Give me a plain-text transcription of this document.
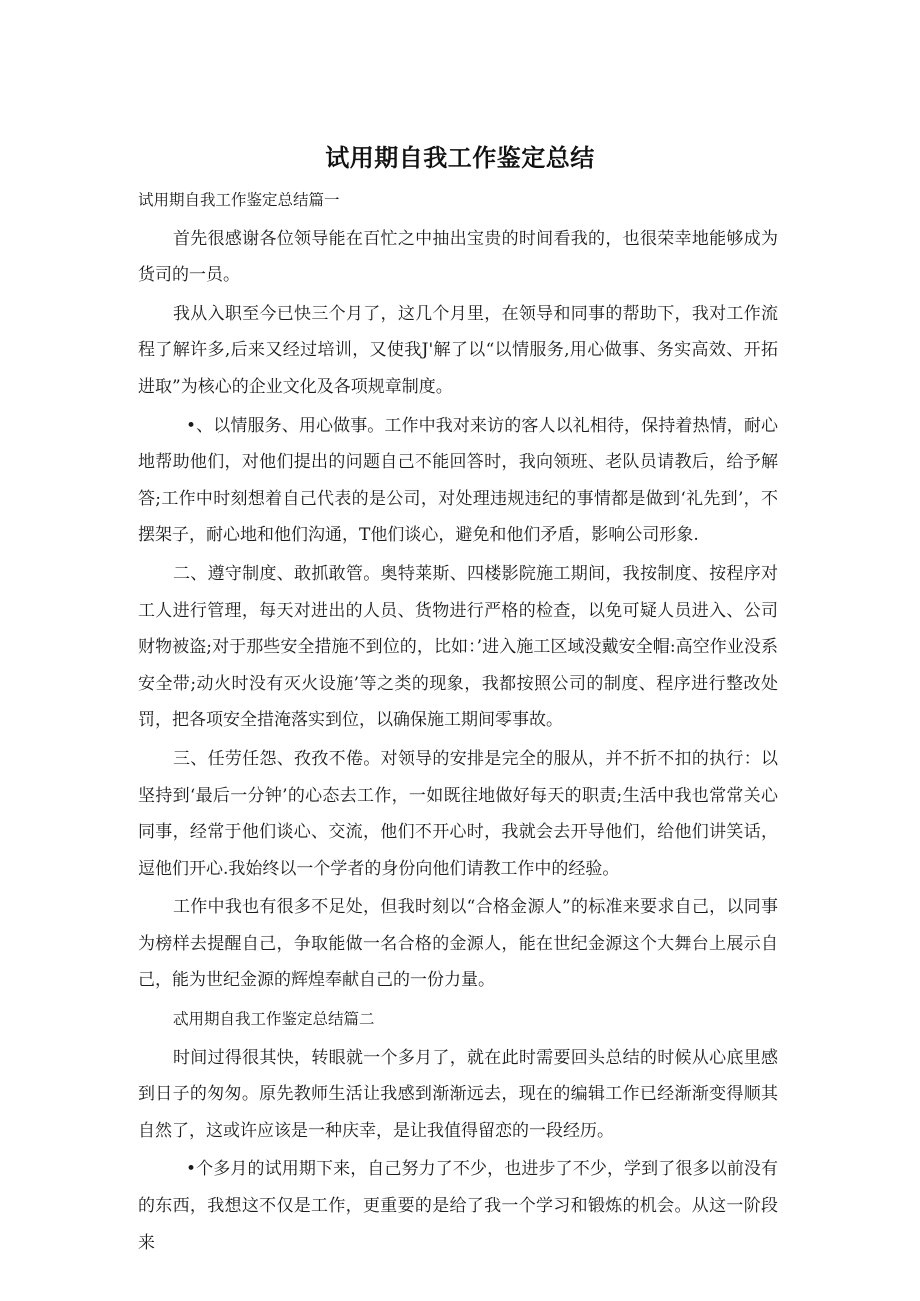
试用期自我工作鉴定总结
试用期自我工作鉴定总结篇一

首先很感谢各位领导能在百忙之中抽出宝贵的时间看我的，也很荣幸地能够成为货司的一员。

我从入职至今已快三个月了，这几个月里，在领导和同事的帮助下，我对工作流程了解许多,后来又经过培训，又使我J'解了以“以情服务,用心做事、务实高效、开拓进取”为核心的企业文化及各项规章制度。

•、以情服务、用心做事。工作中我对来访的客人以礼相待，保持着热情，耐心地帮助他们，对他们提出的问题自己不能回答时，我向领班、老队员请教后，给予解答;工作中时刻想着自己代表的是公司，对处理违规违纪的事情都是做到‘礼先到’，不摆架子，耐心地和他们沟通，T他们谈心，避免和他们矛盾，影响公司形象.

二、遵守制度、敢抓敢管。奥特莱斯、四楼影院施工期间，我按制度、按程序对工人进行管理，每天对进出的人员、货物进行严格的检查，以免可疑人员进入、公司财物被盗;对于那些安全措施不到位的，比如：’进入施工区域没戴安全帽:高空作业没系安全带;动火时没有灭火设施’等之类的现象，我都按照公司的制度、程序进行整改处罚，把各项安全措淹落实到位，以确保施工期间零事故。

三、任劳任怨、孜孜不倦。对领导的安排是完全的服从，并不折不扣的执行：以坚持到‘最后一分钟’的心态去工作，一如既往地做好每天的职责;生活中我也常常关心同事，经常于他们谈心、交流，他们不开心时，我就会去开导他们，给他们讲笑话，逗他们开心.我始终以一个学者的身份向他们请教工作中的经验。

工作中我也有很多不足处，但我时刻以“合格金源人”的标准来要求自己，以同事为榜样去提醒自己，争取能做一名合格的金源人，能在世纪金源这个大舞台上展示自己，能为世纪金源的辉煌奉献自己的一份力量。

忒用期自我工作鉴定总结篇二

时间过得很其快，转眼就一个多月了，就在此时需要回头总结的时候从心底里感到日子的匆匆。原先教师生活让我感到渐渐远去，现在的编辑工作已经渐渐变得顺其自然了，这或许应该是一种庆幸，是让我值得留恋的一段经历。

•个多月的试用期下来，自己努力了不少，也进步了不少，学到了很多以前没有的东西，我想这不仅是工作，更重要的是给了我一个学习和锻炼的机会。从这一阶段来
